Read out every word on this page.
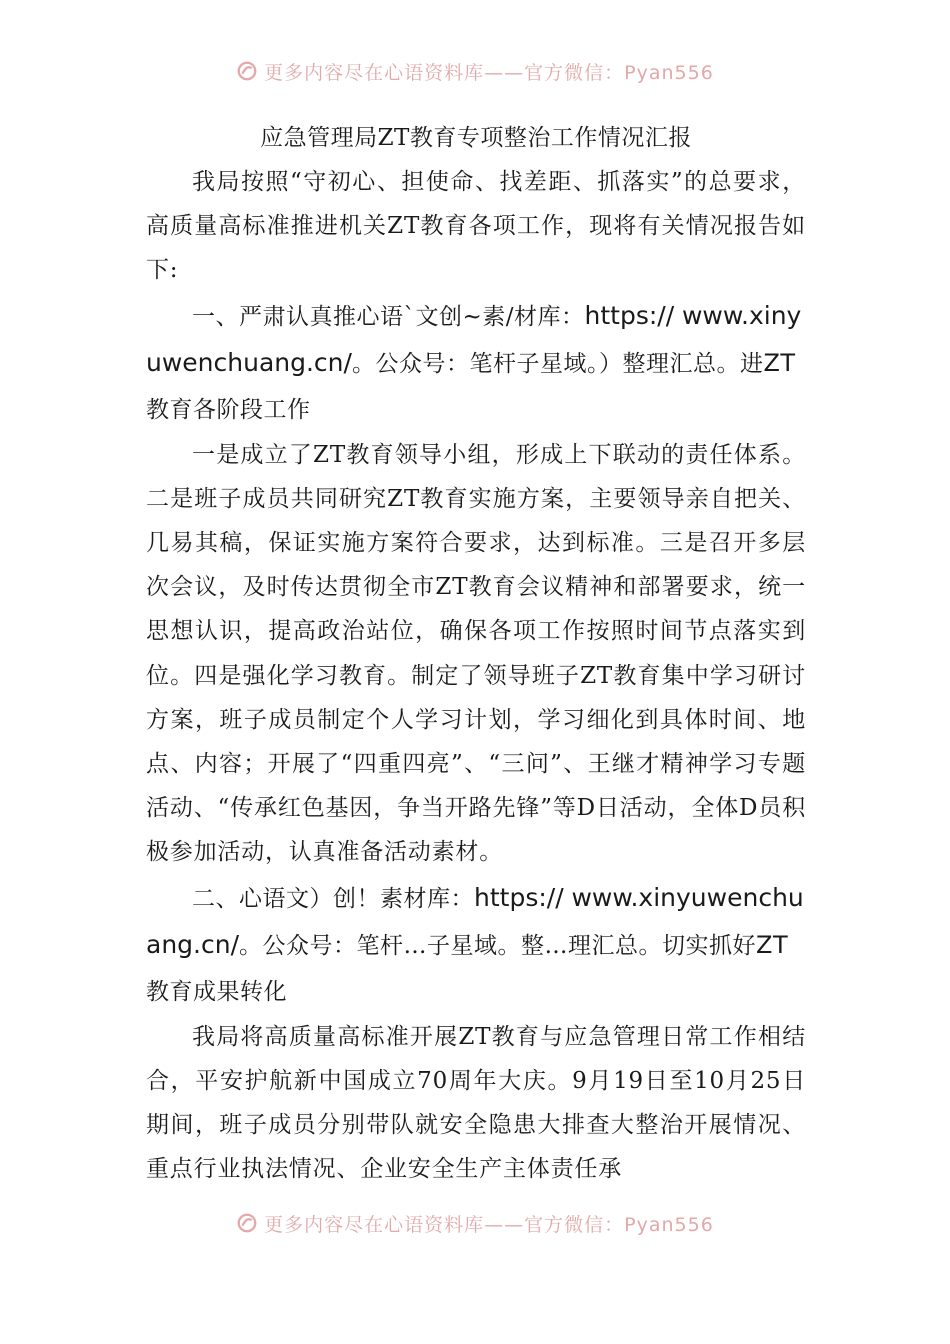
更多内容尽在心语资料库——官方微信：Pyan556

应急管理局ZT教育专项整治工作情况汇报

我局按照“守初心、担使命、找差距、抓落实”的总要求，高质量高标准推进机关ZT教育各项工作，现将有关情况报告如下:

一、严肃认真推心语`文创~素/材库：https:// www.xinyuwenchuang.cn/。公众号：笔杆子星域。）整理汇总。进ZT教育各阶段工作

一是成立了ZT教育领导小组，形成上下联动的责任体系。二是班子成员共同研究ZT教育实施方案，主要领导亲自把关、几易其稿，保证实施方案符合要求，达到标准。三是召开多层次会议，及时传达贯彻全市ZT教育会议精神和部署要求，统一思想认识，提高政治站位，确保各项工作按照时间节点落实到位。四是强化学习教育。制定了领导班子ZT教育集中学习研讨方案，班子成员制定个人学习计划，学习细化到具体时间、地点、内容；开展了“四重四亮”、“三问”、王继才精神学习专题活动、“传承红色基因，争当开路先锋”等D日活动，全体D员积极参加活动，认真准备活动素材。

二、心语文）创！素材库：https:// www.xinyuwenchuang.cn/。公众号：笔杆…子星域。整…理汇总。切实抓好ZT教育成果转化

我局将高质量高标准开展ZT教育与应急管理日常工作相结合，平安护航新中国成立70周年大庆。9月19日至10月25日期间，班子成员分别带队就安全隐患大排查大整治开展情况、重点行业执法情况、企业安全生产主体责任承

更多内容尽在心语资料库——官方微信：Pyan556
